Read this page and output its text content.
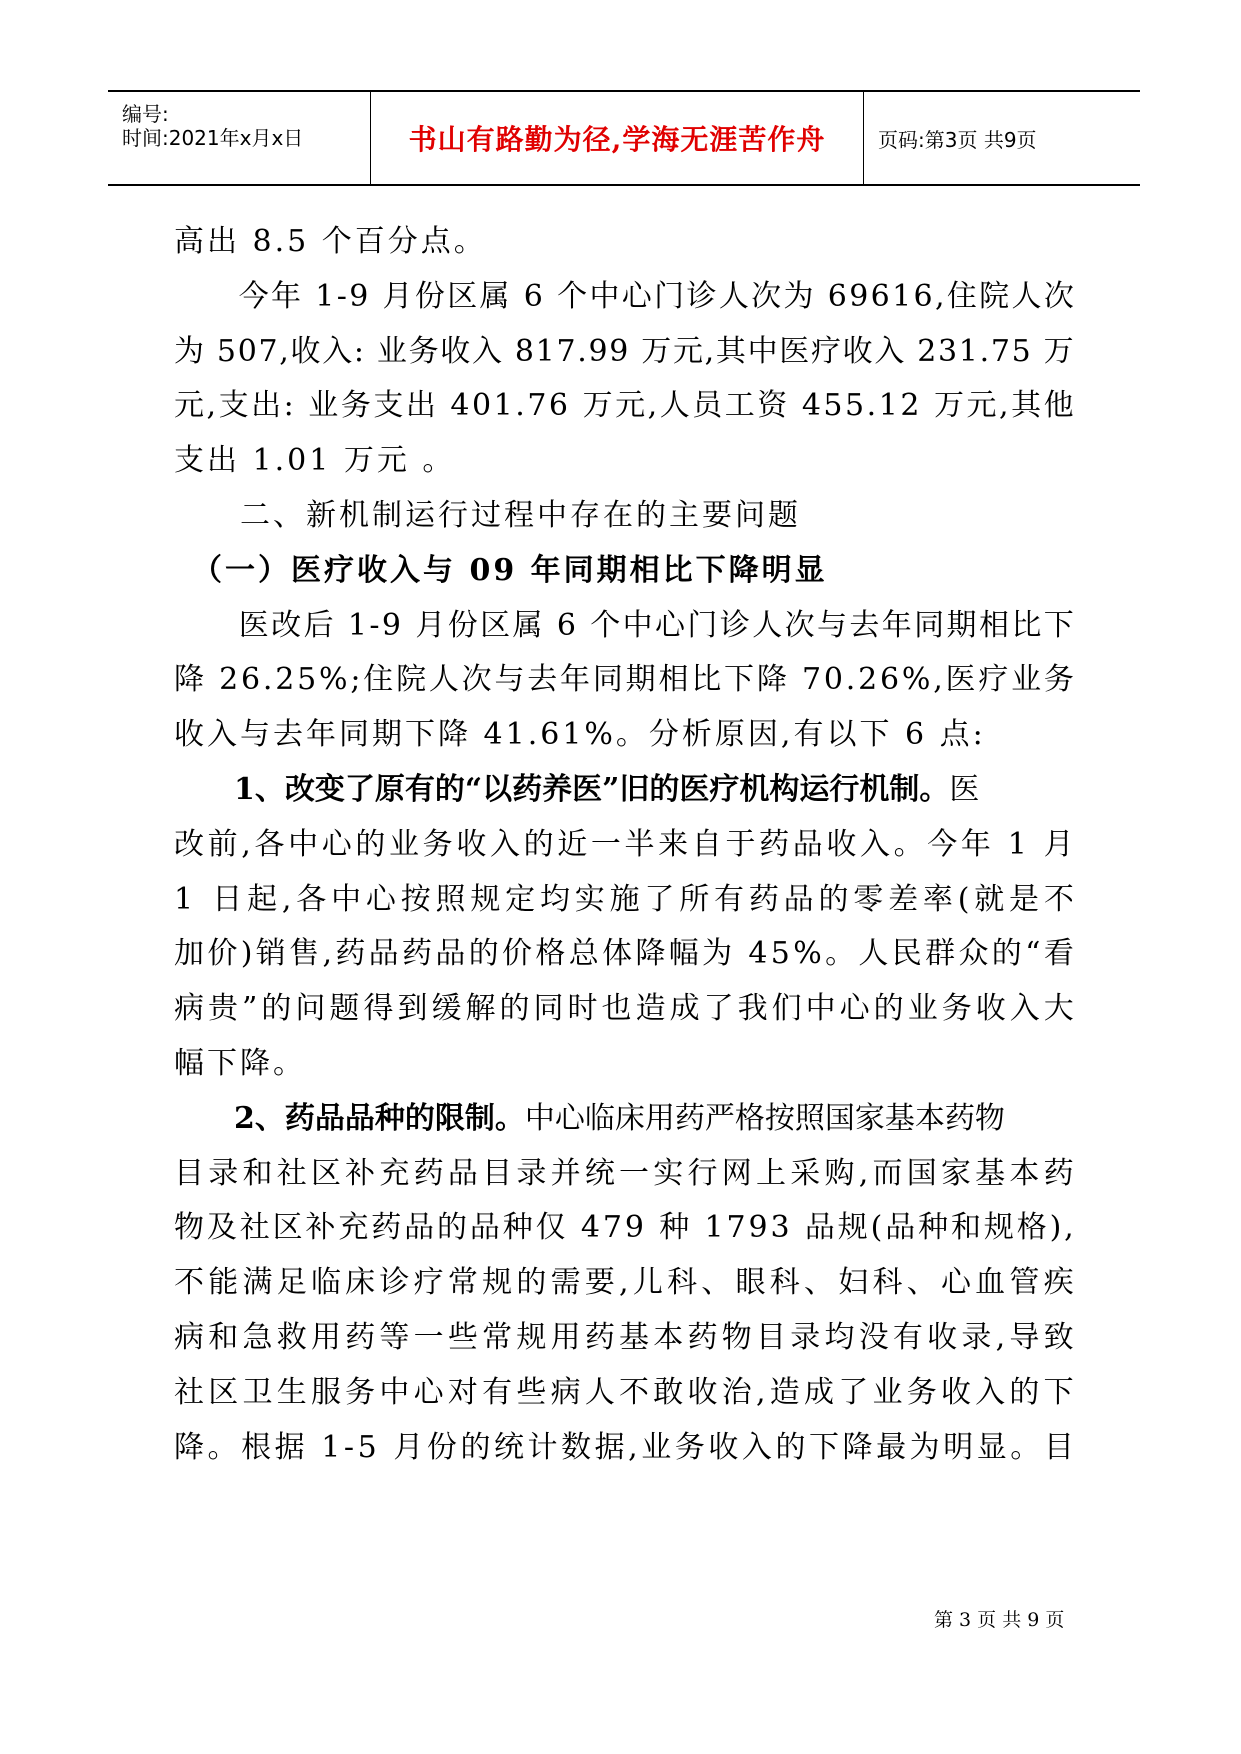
编号:
时间:2021年x月x日	书山有路勤为径,学海无涯苦作舟	页码:第3页 共9页
高出 8.5 个百分点。

今 年
1 - 9
月 份 区 属
6
个 中 心 门 诊 人 次 为
6 9 6 1 6 , 住 院 人 次
为
5 0 7 , 收 入 :
业 务 收 入
8 1 7 . 9 9
万 元 , 其 中 医 疗 收 入
2 3 1 . 7 5
万
元 , 支 出 :
业 务 支 出
4 0 1 . 7 6
万 元 , 人 员 工 资
4 5 5 . 1 2
万 元 , 其 他
支出 1.01 万元 。
　　二、新机制运行过程中存在的主要问题
　（一）医疗收入与 09 年同期相比下降明显

医 改 后
1 - 9
月 份 区 属
6
个 中 心 门 诊 人 次 与 去 年 同 期 相 比 下
降
2 6 . 2 5 % ; 住 院 人 次 与 去 年 同 期 相 比 下 降
7 0 . 2 6 % , 医 疗 业 务
收入与去年同期下降 41.61%。分析原因,有以下 6 点:
　　1、改变了原有的“以药养医”旧的医疗机构运行机制。 医
改 前 , 各 中 心 的 业 务 收 入 的 近 一 半 来 自 于 药 品 收 入 。 今 年
1
月
1
日 起 , 各 中 心 按 照 规 定 均 实 施 了 所 有 药 品 的 零 差 率 ( 就 是 不
加 价 ) 销 售 , 药 品 药 品 的 价 格 总 体 降 幅 为
4 5 % 。 人 民 群 众 的 “ 看
病 贵 ” 的 问 题 得 到 缓 解 的 同 时 也 造 成 了 我 们 中 心 的 业 务 收 入 大
幅下降。
　　2、药品品种的限制。 中心临床用药严格按照国家基本药物
目 录 和 社 区 补 充 药 品 目 录 并 统 一 实 行 网 上 采 购 , 而 国 家 基 本 药
物 及 社 区 补 充 药 品 的 品 种 仅
4 7 9
种
1 7 9 3
品 规 ( 品 种 和 规 格 ) ,
不 能 满 足 临 床 诊 疗 常 规 的 需 要 , 儿 科 、 眼 科 、 妇 科 、 心 血 管 疾
病 和 急 救 用 药 等 一 些 常 规 用 药 基 本 药 物 目 录 均 没 有 收 录 , 导 致
社 区 卫 生 服 务 中 心 对 有 些 病 人 不 敢 收 治 , 造 成 了 业 务 收 入 的 下
降 。 根 据
1 - 5
月 份 的 统 计 数 据 , 业 务 收 入 的 下 降 最 为 明 显 。 目
第 3 页 共 9 页
